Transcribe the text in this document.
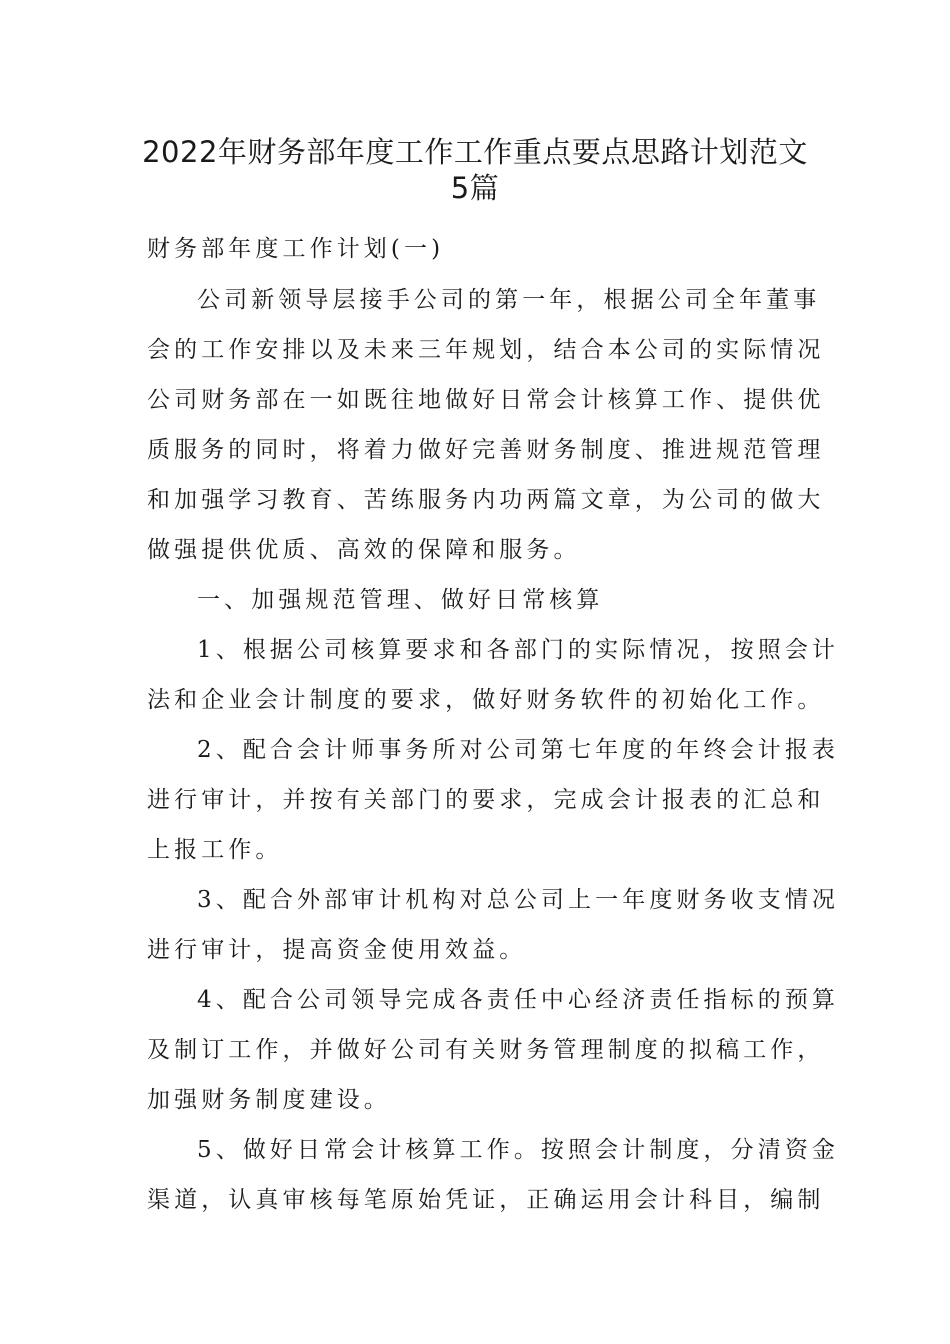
2022年财务部年度工作工作重点要点思路计划范文
5篇
财务部年度工作计划(一)
公司新领导层接手公司的第一年，根据公司全年董事
会的工作安排以及未来三年规划，结合本公司的实际情况
公司财务部在一如既往地做好日常会计核算工作、提供优
质服务的同时，将着力做好完善财务制度、推进规范管理
和加强学习教育、苦练服务内功两篇文章，为公司的做大
做强提供优质、高效的保障和服务。
一、加强规范管理、做好日常核算
1、根据公司核算要求和各部门的实际情况，按照会计
法和企业会计制度的要求，做好财务软件的初始化工作。
2、配合会计师事务所对公司第七年度的年终会计报表
进行审计，并按有关部门的要求，完成会计报表的汇总和
上报工作。
3、配合外部审计机构对总公司上一年度财务收支情况
进行审计，提高资金使用效益。
4、配合公司领导完成各责任中心经济责任指标的预算
及制订工作，并做好公司有关财务管理制度的拟稿工作，
加强财务制度建设。
5、做好日常会计核算工作。按照会计制度，分清资金
渠道，认真审核每笔原始凭证，正确运用会计科目，编制
